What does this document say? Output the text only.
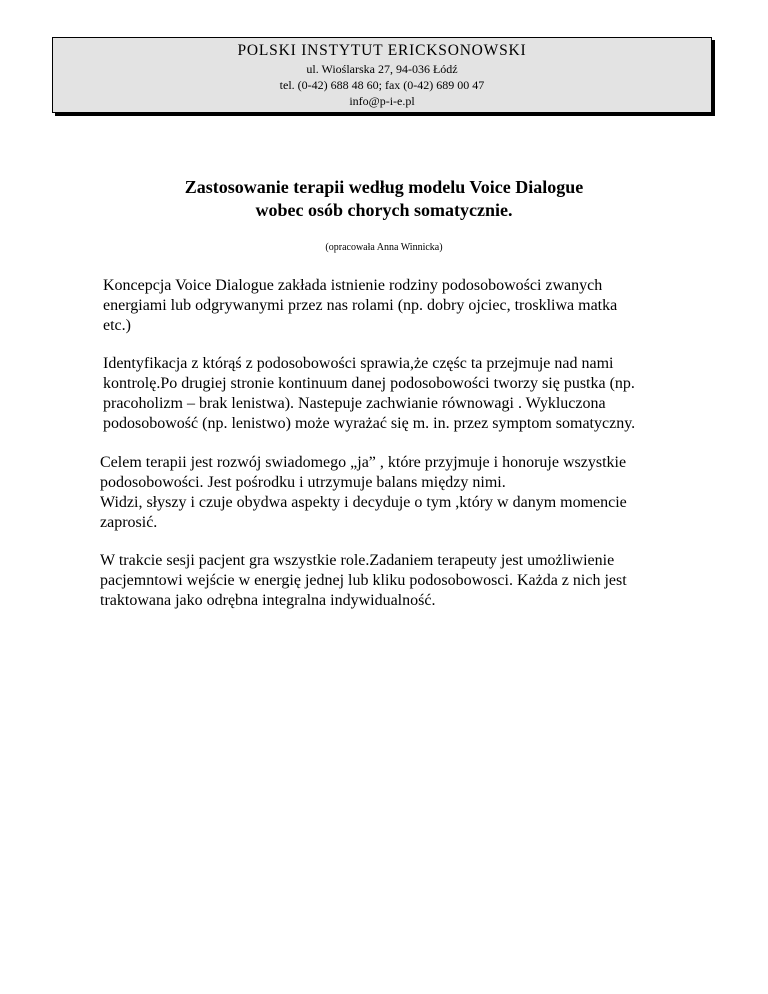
POLSKI INSTYTUT ERICKSONOWSKI
ul. Wioślarska 27, 94-036 Łódź
tel. (0-42) 688 48 60; fax (0-42) 689 00 47
info@p-i-e.pl
Zastosowanie terapii według modelu Voice Dialogue
wobec osób chorych somatycznie.
(opracowała Anna Winnicka)
Koncepcja Voice Dialogue zakłada istnienie rodziny podosobowości zwanych
energiami lub odgrywanymi przez nas rolami (np. dobry ojciec, troskliwa matka
etc.)
Identyfikacja z którąś z podosobowości sprawia,że częśc ta przejmuje nad nami
kontrolę.Po drugiej stronie kontinuum danej podosobowości tworzy się pustka (np.
pracoholizm – brak lenistwa). Nastepuje zachwianie równowagi . Wykluczona
podosobowość (np. lenistwo) może wyrażać się m. in. przez symptom somatyczny.
Celem terapii jest rozwój swiadomego „ja” , które przyjmuje i honoruje wszystkie
podosobowości. Jest pośrodku i utrzymuje balans między nimi.
Widzi, słyszy i czuje obydwa aspekty i decyduje o tym ,który w danym momencie
zaprosić.
W trakcie sesji pacjent gra wszystkie role.Zadaniem terapeuty jest umożliwienie
pacjemntowi wejście w energię jednej lub kliku podosobowosci. Każda z nich jest
traktowana jako odrębna integralna indywidualność.
